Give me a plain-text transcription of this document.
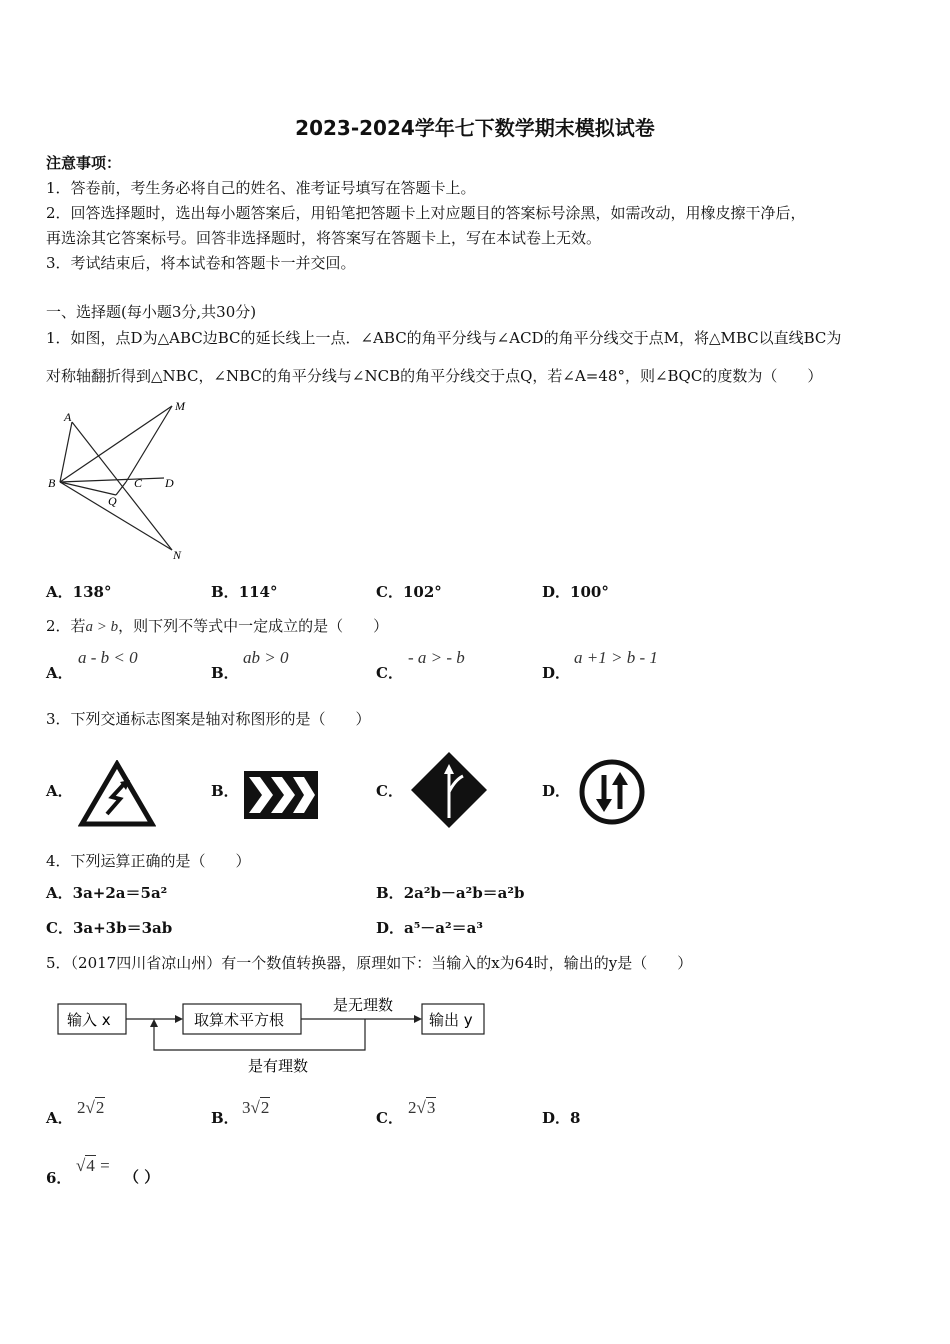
2023-2024学年七下数学期末模拟试卷
注意事项：
1．答卷前，考生务必将自己的姓名、准考证号填写在答题卡上。
2．回答选择题时，选出每小题答案后，用铅笔把答题卡上对应题目的答案标号涂黑，如需改动，用橡皮擦干净后，
再选涂其它答案标号。回答非选择题时，将答案写在答题卡上，写在本试卷上无效。
3．考试结束后，将本试卷和答题卡一并交回。
一、选择题(每小题3分,共30分)
1．如图，点D为△ABC边BC的延长线上一点．∠ABC的角平分线与∠ACD的角平分线交于点M，将△MBC以直线BC为
对称轴翻折得到△NBC，∠NBC的角平分线与∠NCB的角平分线交于点Q，若∠A=48°，则∠BQC的度数为（　　）
A
M
B	C D
Q
N
A．138°	B．114°	C．102°	D．100°
2．若a > b，则下列不等式中一定成立的是（　　）
A．
a - b < 0
B．
ab > 0
C．
- a > - b
D．
a +1 > b - 1
3．下列交通标志图案是轴对称图形的是（　　）
A．	B．	C．	D．
4．下列运算正确的是（　　）
A．3a+2a＝5a²	B．2a²b－a²b＝a²b
C．3a+3b＝3ab	D．a⁵－a²＝a³
5．（2017四川省凉山州）有一个数值转换器，原理如下：当输入的x为64时，输出的y是（　　）
输入 x	取算术平方根
是无理数
输出 y
是有理数
A．
2√2
B．
3√2
C．
2√3
D．8
6．
√4 =
（ ）
